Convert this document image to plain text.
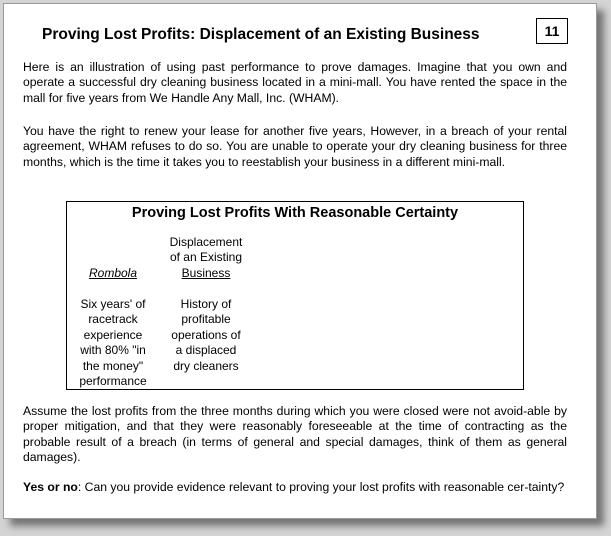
Proving Lost Profits: Displacement of an Existing Business	11

Here is an illustration of using past performance to prove damages. Imagine that you own and operate a successful dry cleaning business located in a mini-mall. You have rented the space in the mall for five years from We Handle Any Mall, Inc. (WHAM).

You have the right to renew your lease for another five years, However, in a breach of your rental agreement, WHAM refuses to do so. You are unable to operate your dry cleaning business for three months, which is the time it takes you to reestablish your business in a different mini-mall.

Proving Lost Profits With Reasonable Certainty
Rombola
Six years' of
racetrack
experience
with 80% "in
the money"
performance
Displacement
of an Existing
Business
History of
profitable
operations of
a displaced
dry cleaners

Assume the lost profits from the three months during which you were closed were not avoid-able by proper mitigation, and that they were reasonably foreseeable at the time of contracting as the probable result of a breach (in terms of general and special damages, think of them as general damages).

Yes or no: Can you provide evidence relevant to proving your lost profits with reasonable cer-tainty?
